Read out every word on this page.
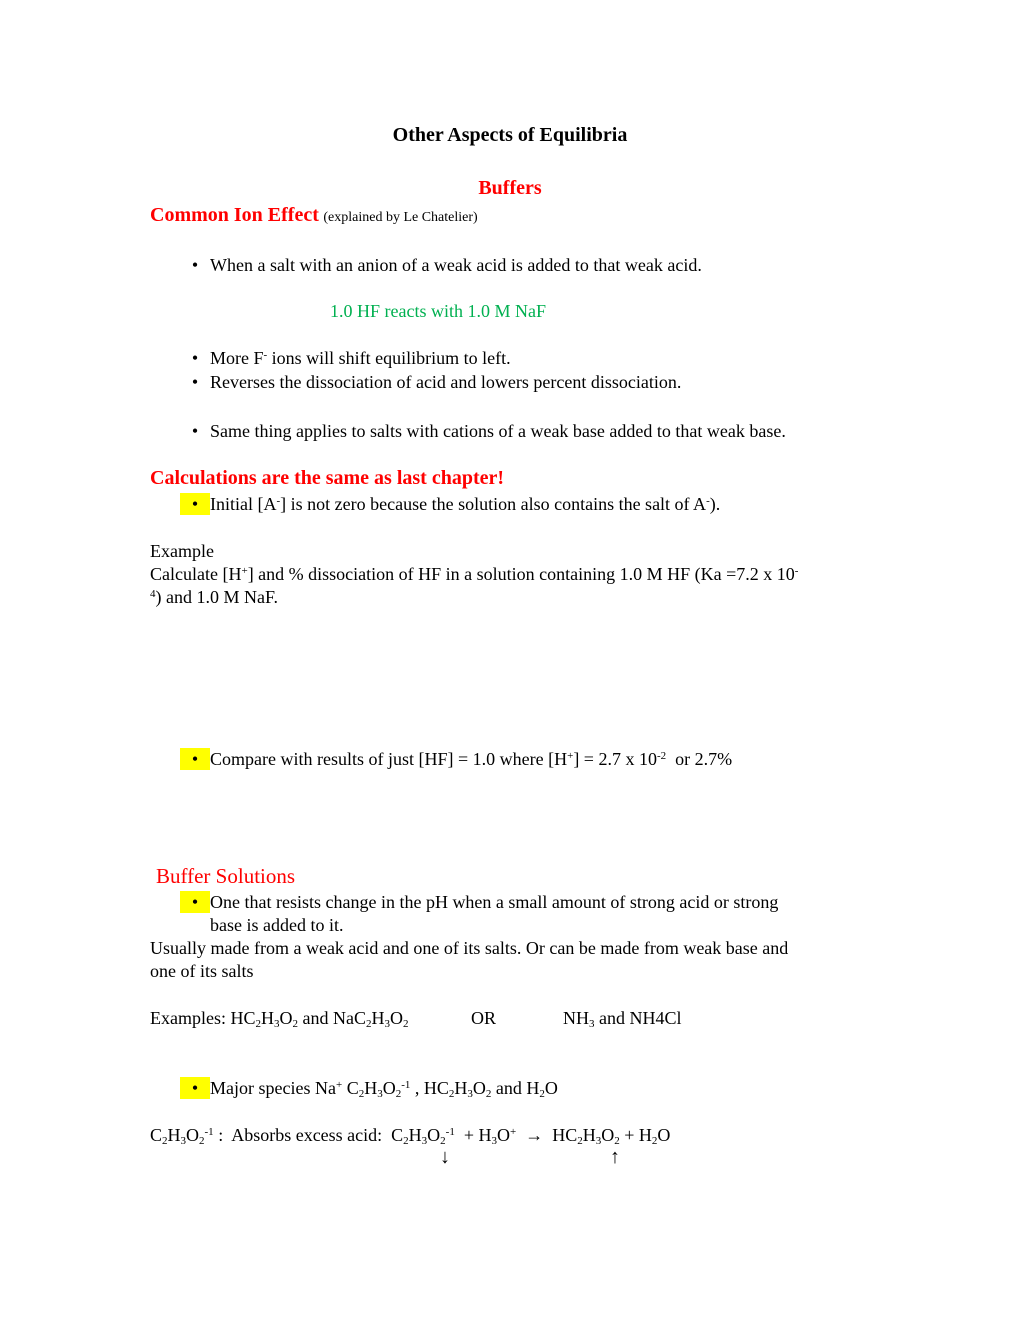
Other Aspects of Equilibria
Buffers
Common Ion Effect (explained by Le Chatelier)
• When a salt with an anion of a weak acid is added to that weak acid.
1.0 HF reacts with 1.0 M NaF
• More F- ions will shift equilibrium to left.
• Reverses the dissociation of acid and lowers percent dissociation.
• Same thing applies to salts with cations of a weak base added to that weak base.
Calculations are the same as last chapter!
• Initial [A-] is not zero because the solution also contains the salt of A-).
Example
Calculate [H+] and % dissociation of HF in a solution containing 1.0 M HF (Ka =7.2 x 10-
$^4$) and 1.0 M NaF.
• Compare with results of just [HF] = 1.0 where [H+] = 2.7 x $10^{-2}$  or 2.7%
Buffer Solutions
• One that resists change in the pH when a small amount of strong acid or strong
base is added to it.
Usually made from a weak acid and one of its salts. Or can be made from weak base and
one of its salts
Examples: $HC_2H_3O_2$ and $NaC_2H_3O_2$	OR	$NH_3$ and NH4Cl
• Major species Na+ $C_2H_3O_2^{-1}$ , $HC_2H_3O_2$ and $H_2O$
$C_2H_3O_2^{-1}$ :  Absorbs excess acid:  $C_2H_3O_2^{-1} + H_3O^+ \to HC_2H_3O_2 + H_2O$
↓	↑
